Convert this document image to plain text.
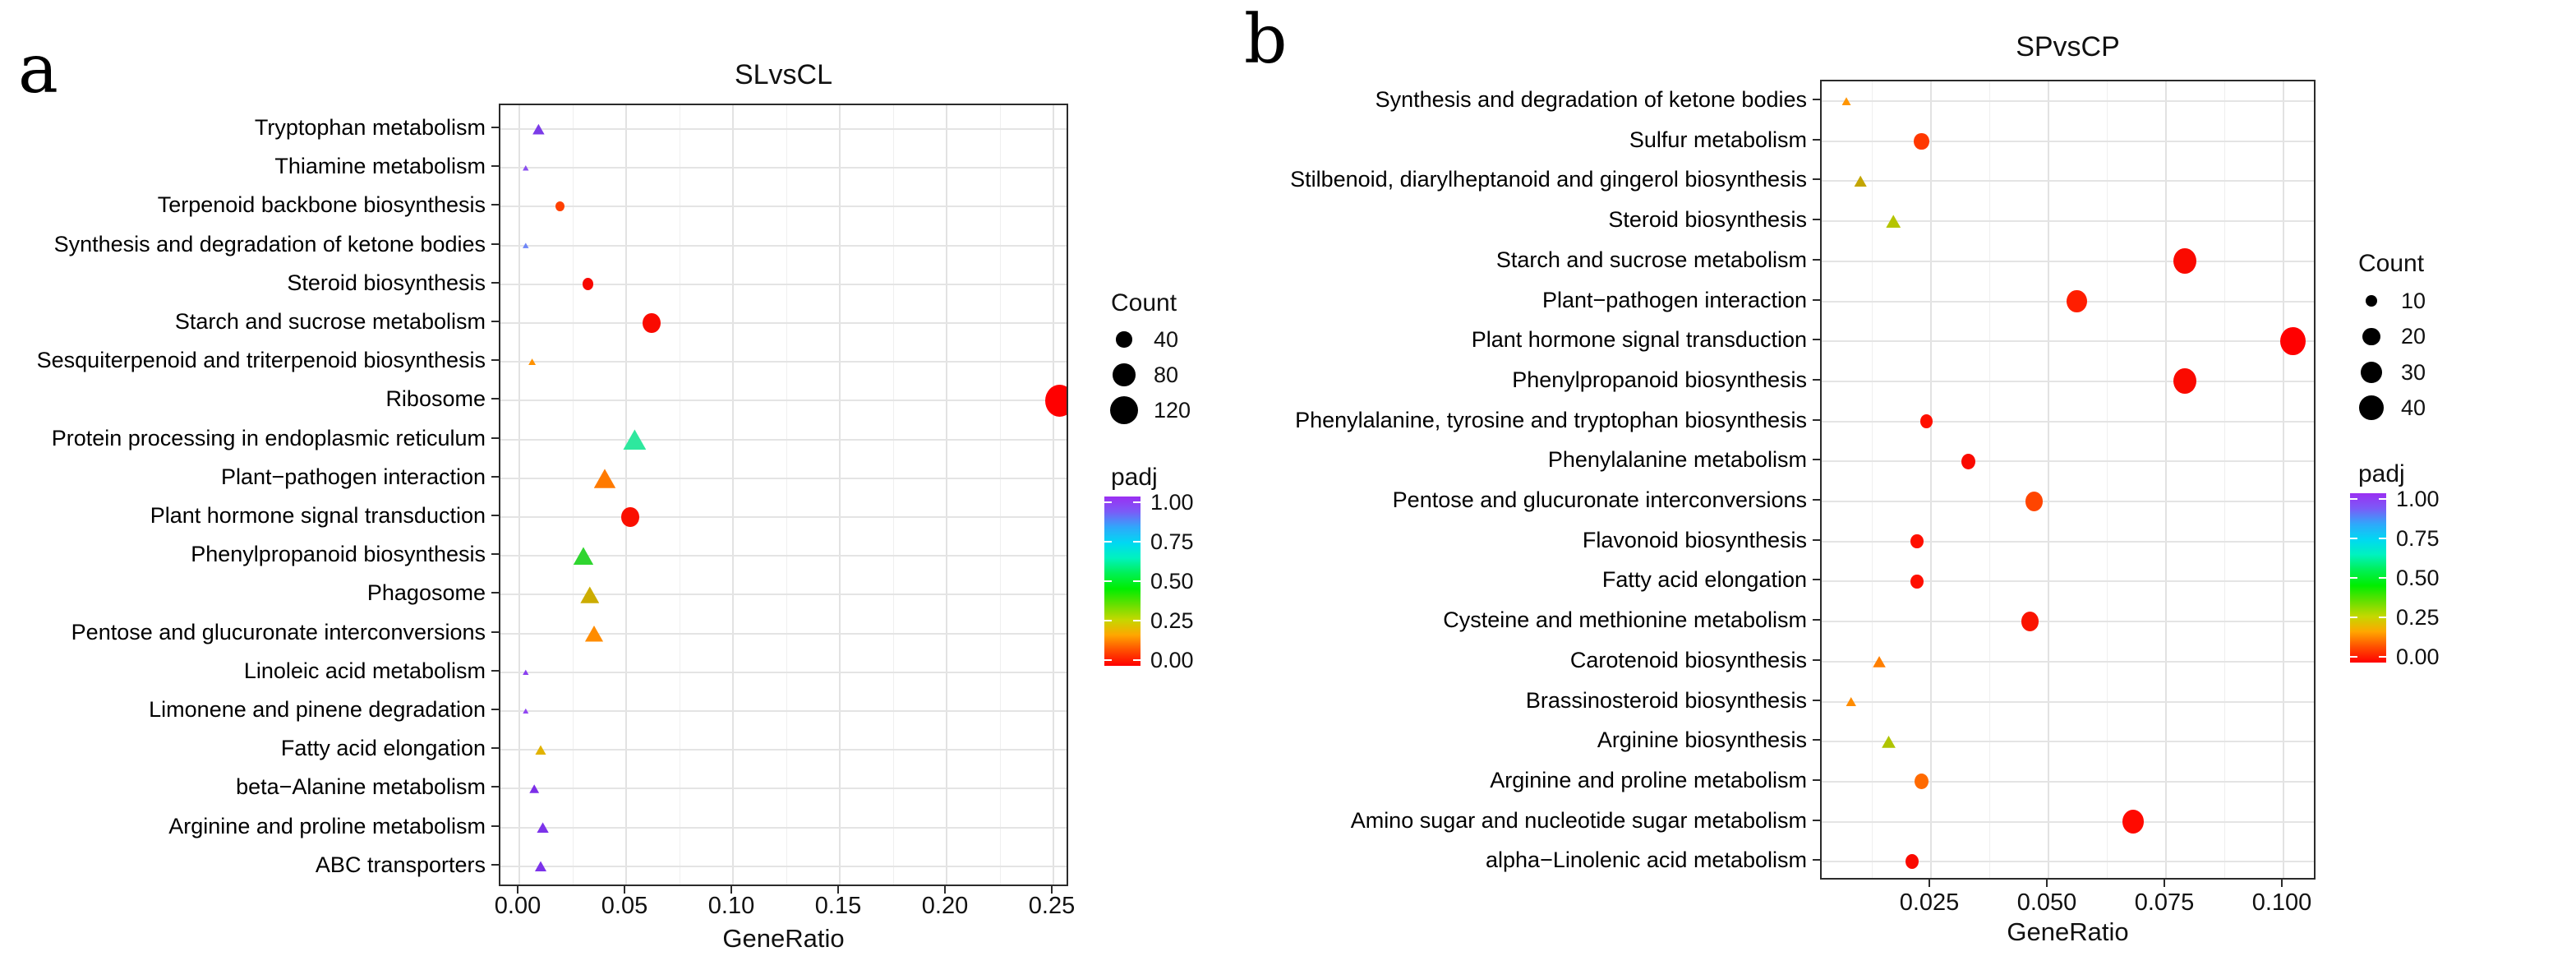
a	b
SLvsCL
SPvsCP
GeneRatio	GeneRatio
Count
padj
Count
padj
Tryptophan metabolism
Thiamine metabolism
Terpenoid backbone biosynthesis
Synthesis and degradation of ketone bodies
Steroid biosynthesis
Starch and sucrose metabolism
Sesquiterpenoid and triterpenoid biosynthesis
Ribosome
Protein processing in endoplasmic reticulum
Plant−pathogen interaction
Plant hormone signal transduction
Phenylpropanoid biosynthesis
Phagosome
Pentose and glucuronate interconversions
Linoleic acid metabolism
Limonene and pinene degradation
Fatty acid elongation
beta−Alanine metabolism
Arginine and proline metabolism
ABC transporters
0.00	0.05	0.10	0.15	0.20	0.25
40
80
120
1.00
0.75
0.50
0.25
0.00
Synthesis and degradation of ketone bodies
Sulfur metabolism
Stilbenoid, diarylheptanoid and gingerol biosynthesis
Steroid biosynthesis
Starch and sucrose metabolism
Plant−pathogen interaction
Plant hormone signal transduction
Phenylpropanoid biosynthesis
Phenylalanine, tyrosine and tryptophan biosynthesis
Phenylalanine metabolism
Pentose and glucuronate interconversions
Flavonoid biosynthesis
Fatty acid elongation
Cysteine and methionine metabolism
Carotenoid biosynthesis
Brassinosteroid biosynthesis
Arginine biosynthesis
Arginine and proline metabolism
Amino sugar and nucleotide sugar metabolism
alpha−Linolenic acid metabolism
0.025	0.050	0.075	0.100
10
20
30
40
1.00
0.75
0.50
0.25
0.00
